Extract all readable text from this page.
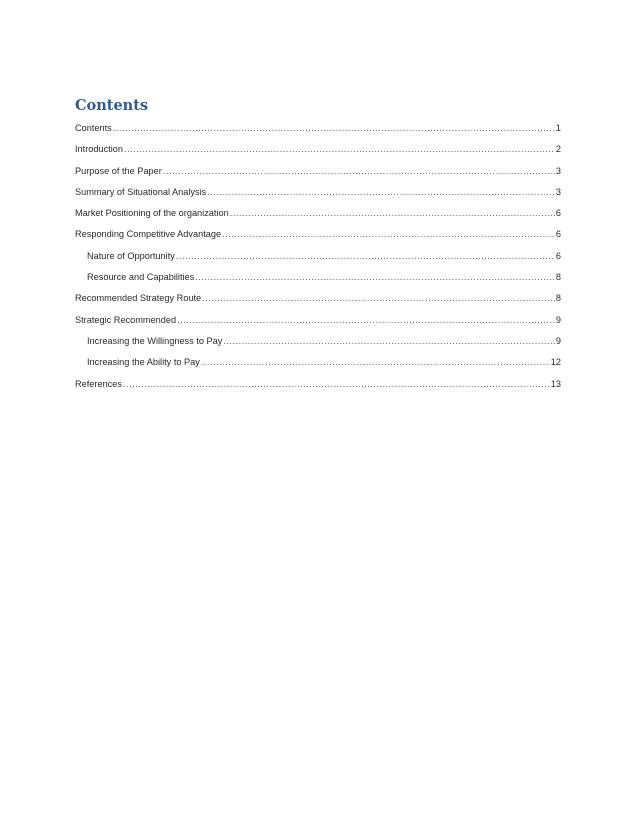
Contents
Contents .....	1
Introduction .....	2
Purpose of the Paper .....	3
Summary of Situational Analysis .....	3
Market Positioning of the organization .....	6
Responding Competitive Advantage .....	6
Nature of Opportunity .....	6
Resource and Capabilities .....	8
Recommended Strategy Route .....	8
Strategic Recommended .....	9
Increasing the Willingness to Pay .....	9
Increasing the Ability to Pay .....	12
References .....	13
